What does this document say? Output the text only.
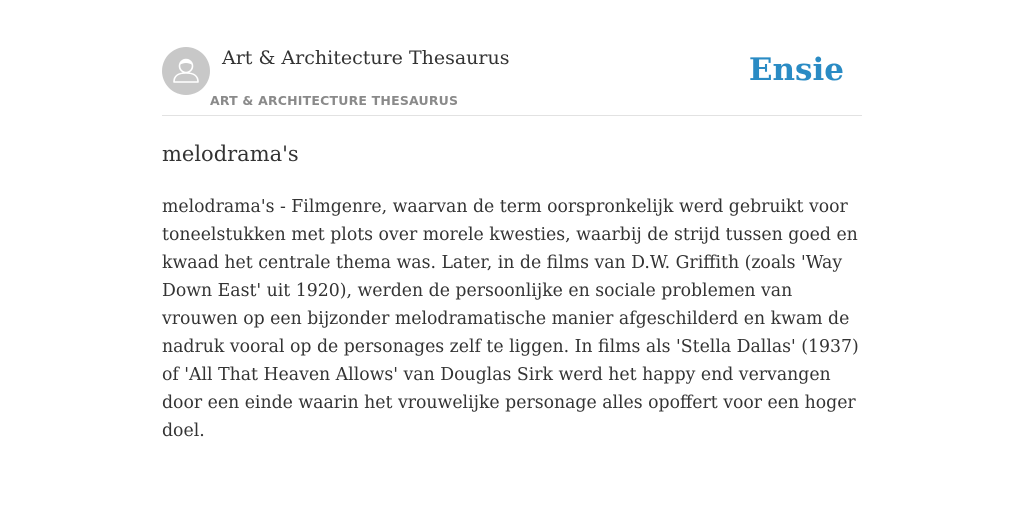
Art & Architecture Thesaurus
ART & ARCHITECTURE THESAURUS
Ensie
melodrama's

melodrama's - Filmgenre, waarvan de term oorspronkelijk werd gebruikt voor toneelstukken met plots over morele kwesties, waarbij de strijd tussen goed en kwaad het centrale thema was. Later, in de films van D.W. Griffith (zoals 'Way Down East' uit 1920), werden de persoonlijke en sociale problemen van vrouwen op een bijzonder melodramatische manier afgeschilderd en kwam de nadruk vooral op de personages zelf te liggen. In films als 'Stella Dallas' (1937) of 'All That Heaven Allows' van Douglas Sirk werd het happy end vervangen door een einde waarin het vrouwelijke personage alles opoffert voor een hoger doel.
